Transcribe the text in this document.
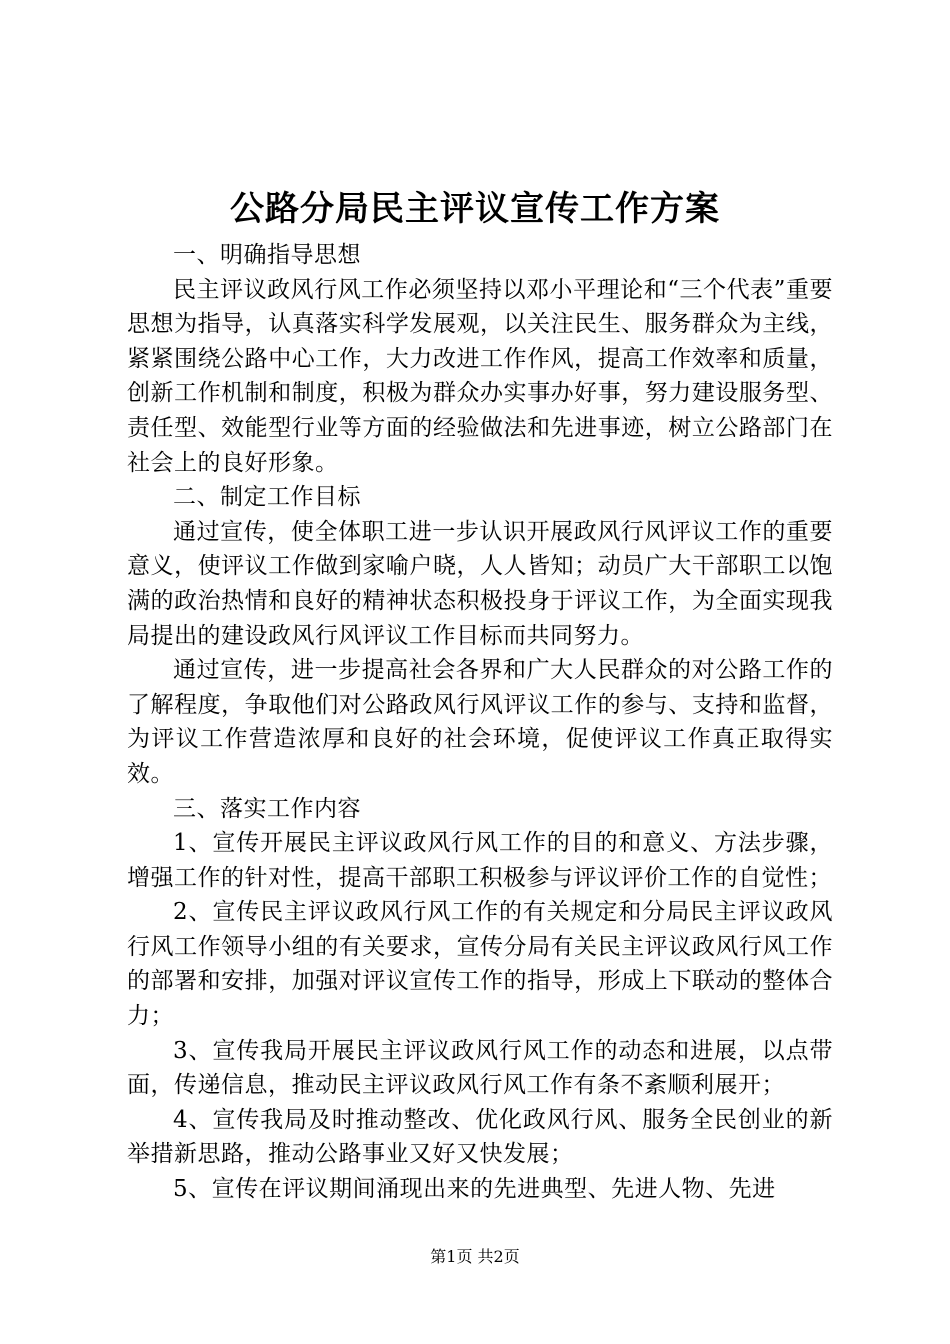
公路分局民主评议宣传工作方案

一、明确指导思想

民主评议政风行风工作必须坚持以邓小平理论和“三个代表”重要思想为指导，认真落实科学发展观，以关注民生、服务群众为主线，紧紧围绕公路中心工作，大力改进工作作风，提高工作效率和质量，创新工作机制和制度，积极为群众办实事办好事，努力建设服务型、责任型、效能型行业等方面的经验做法和先进事迹，树立公路部门在社会上的良好形象。

二、制定工作目标

通过宣传，使全体职工进一步认识开展政风行风评议工作的重要意义，使评议工作做到家喻户晓，人人皆知；动员广大干部职工以饱满的政治热情和良好的精神状态积极投身于评议工作，为全面实现我局提出的建设政风行风评议工作目标而共同努力。

通过宣传，进一步提高社会各界和广大人民群众的对公路工作的了解程度，争取他们对公路政风行风评议工作的参与、支持和监督，为评议工作营造浓厚和良好的社会环境，促使评议工作真正取得实效。

三、落实工作内容

1、宣传开展民主评议政风行风工作的目的和意义、方法步骤，增强工作的针对性，提高干部职工积极参与评议评价工作的自觉性；

2、宣传民主评议政风行风工作的有关规定和分局民主评议政风行风工作领导小组的有关要求，宣传分局有关民主评议政风行风工作的部署和安排，加强对评议宣传工作的指导，形成上下联动的整体合力；

3、宣传我局开展民主评议政风行风工作的动态和进展，以点带面，传递信息，推动民主评议政风行风工作有条不紊顺利展开；

4、宣传我局及时推动整改、优化政风行风、服务全民创业的新举措新思路，推动公路事业又好又快发展；

5、宣传在评议期间涌现出来的先进典型、先进人物、先进

第1页 共2页
